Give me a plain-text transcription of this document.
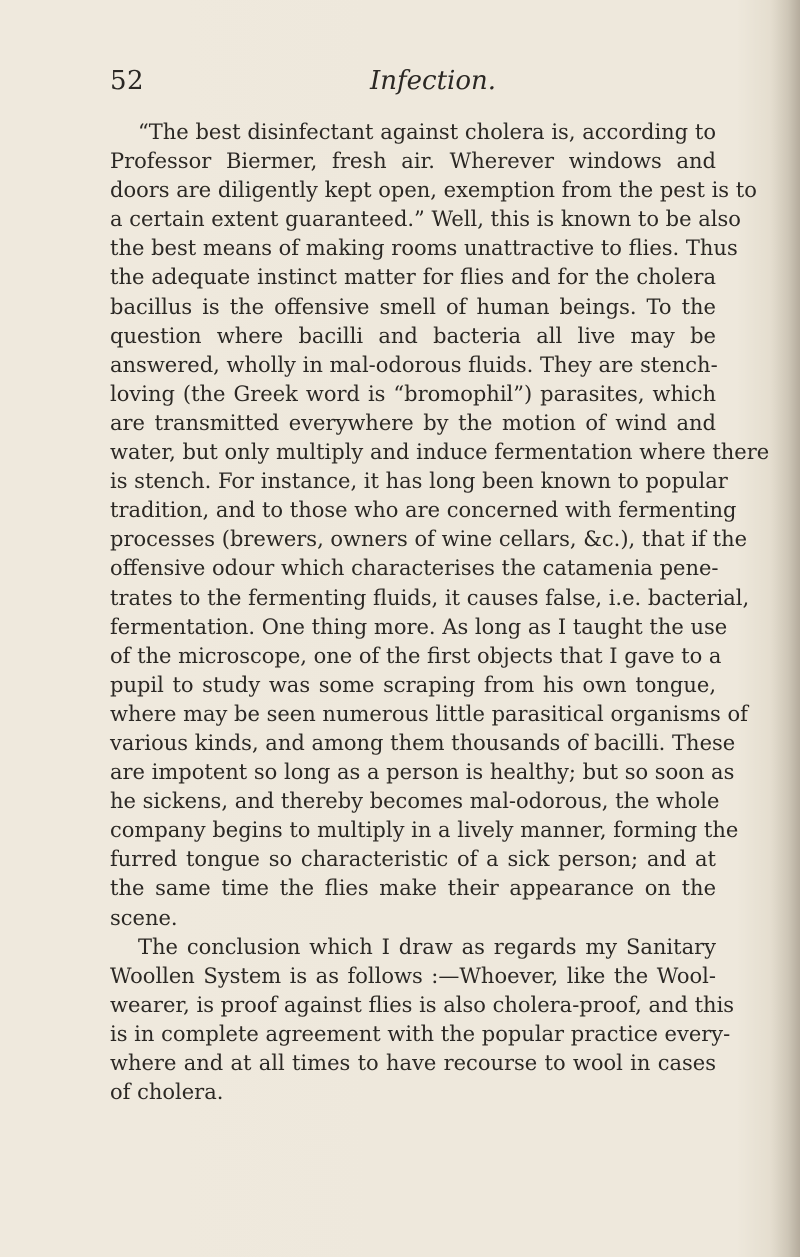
52	Infection.
“The best disinfectant against cholera is, according to
Professor Biermer, fresh air. Wherever windows and
doors are diligently kept open, exemption from the pest is to
a certain extent guaranteed.” Well, this is known to be also
the best means of making rooms unattractive to flies. Thus
the adequate instinct matter for flies and for the cholera
bacillus is the offensive smell of human beings. To the
question where bacilli and bacteria all live may be
answered, wholly in mal-odorous fluids. They are stench-
loving (the Greek word is “bromophil”) parasites, which
are transmitted everywhere by the motion of wind and
water, but only multiply and induce fermentation where there
is stench. For instance, it has long been known to popular
tradition, and to those who are concerned with fermenting
processes (brewers, owners of wine cellars, &c.), that if the
offensive odour which characterises the catamenia pene-
trates to the fermenting fluids, it causes false, i.e. bacterial,
fermentation. One thing more. As long as I taught the use
of the microscope, one of the first objects that I gave to a
pupil to study was some scraping from his own tongue,
where may be seen numerous little parasitical organisms of
various kinds, and among them thousands of bacilli. These
are impotent so long as a person is healthy; but so soon as
he sickens, and thereby becomes mal-odorous, the whole
company begins to multiply in a lively manner, forming the
furred tongue so characteristic of a sick person; and at
the same time the flies make their appearance on the
scene.
The conclusion which I draw as regards my Sanitary
Woollen System is as follows :—Whoever, like the Wool-
wearer, is proof against flies is also cholera-proof, and this
is in complete agreement with the popular practice every-
where and at all times to have recourse to wool in cases
of cholera.
